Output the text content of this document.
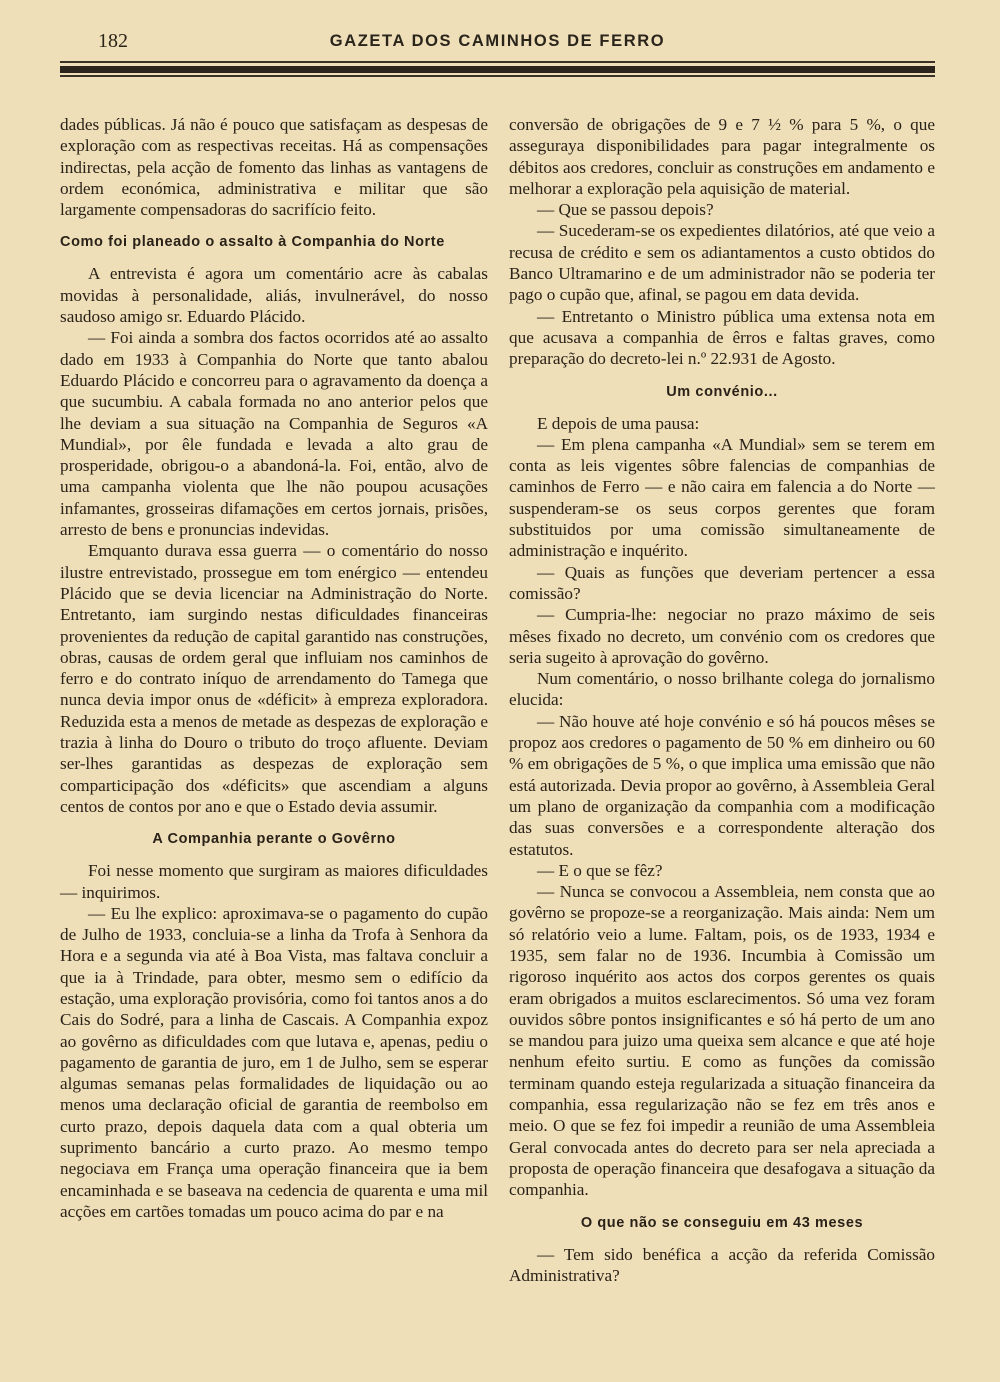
182	GAZETA DOS CAMINHOS DE FERRO

dades públicas. Já não é pouco que satisfaçam as despesas de exploração com as respectivas receitas. Há as compensações indirectas, pela acção de fomento das linhas as vantagens de ordem económica, administrativa e militar que são largamente compensadoras do sacrifício feito.

Como foi planeado o assalto à Companhia do Norte

A entrevista é agora um comentário acre às cabalas movidas à personalidade, aliás, invulnerável, do nosso saudoso amigo sr. Eduardo Plácido.

— Foi ainda a sombra dos factos ocorridos até ao assalto dado em 1933 à Companhia do Norte que tanto abalou Eduardo Plácido e concorreu para o agravamento da doença a que sucumbiu. A cabala formada no ano anterior pelos que lhe deviam a sua situação na Companhia de Seguros «A Mundial», por êle fundada e levada a alto grau de prosperidade, obrigou-o a abandoná-la. Foi, então, alvo de uma campanha violenta que lhe não poupou acusações infamantes, grosseiras difamações em certos jornais, prisões, arresto de bens e pronuncias indevidas.

Emquanto durava essa guerra — o comentário do nosso ilustre entrevistado, prossegue em tom enérgico — entendeu Plácido que se devia licenciar na Administração do Norte. Entretanto, iam surgindo nestas dificuldades financeiras provenientes da redução de capital garantido nas construções, obras, causas de ordem geral que influiam nos caminhos de ferro e do contrato iníquo de arrendamento do Tamega que nunca devia impor onus de «déficit» à empreza exploradora. Reduzida esta a menos de metade as despezas de exploração e trazia à linha do Douro o tributo do troço afluente. Deviam ser-lhes garantidas as despezas de exploração sem comparticipação dos «déficits» que ascendiam a alguns centos de contos por ano e que o Estado devia assumir.

A Companhia perante o Govêrno

Foi nesse momento que surgiram as maiores dificuldades — inquirimos.

— Eu lhe explico: aproximava-se o pagamento do cupão de Julho de 1933, concluia-se a linha da Trofa à Senhora da Hora e a segunda via até à Boa Vista, mas faltava concluir a que ia à Trindade, para obter, mesmo sem o edifício da estação, uma exploração provisória, como foi tantos anos a do Cais do Sodré, para a linha de Cascais. A Companhia expoz ao govêrno as dificuldades com que lutava e, apenas, pediu o pagamento de garantia de juro, em 1 de Julho, sem se esperar algumas semanas pelas formalidades de liquidação ou ao menos uma declaração oficial de garantia de reembolso em curto prazo, depois daquela data com a qual obteria um suprimento bancário a curto prazo. Ao mesmo tempo negociava em França uma operação financeira que ia bem encaminhada e se baseava na cedencia de quarenta e uma mil acções em cartões tomadas um pouco acima do par e na

conversão de obrigações de 9 e 7 ½ % para 5 %, o que asseguraya disponibilidades para pagar integralmente os débitos aos credores, concluir as construções em andamento e melhorar a exploração pela aquisição de material.

— Que se passou depois?

— Sucederam-se os expedientes dilatórios, até que veio a recusa de crédito e sem os adiantamentos a custo obtidos do Banco Ultramarino e de um administrador não se poderia ter pago o cupão que, afinal, se pagou em data devida.

— Entretanto o Ministro pública uma extensa nota em que acusava a companhia de êrros e faltas graves, como preparação do decreto-lei n.º 22.931 de Agosto.

Um convénio...

E depois de uma pausa:

— Em plena campanha «A Mundial» sem se terem em conta as leis vigentes sôbre falencias de companhias de caminhos de Ferro — e não caira em falencia a do Norte — suspenderam-se os seus corpos gerentes que foram substituidos por uma comissão simultaneamente de administração e inquérito.

— Quais as funções que deveriam pertencer a essa comissão?

— Cumpria-lhe: negociar no prazo máximo de seis mêses fixado no decreto, um convénio com os credores que seria sugeito à aprovação do govêrno.

Num comentário, o nosso brilhante colega do jornalismo elucida:

— Não houve até hoje convénio e só há poucos mêses se propoz aos credores o pagamento de 50 % em dinheiro ou 60 % em obrigações de 5 %, o que implica uma emissão que não está autorizada. Devia propor ao govêrno, à Assembleia Geral um plano de organização da companhia com a modificação das suas conversões e a correspondente alteração dos estatutos.

— E o que se fêz?

— Nunca se convocou a Assembleia, nem consta que ao govêrno se propoze-se a reorganização. Mais ainda: Nem um só relatório veio a lume. Faltam, pois, os de 1933, 1934 e 1935, sem falar no de 1936. Incumbia à Comissão um rigoroso inquérito aos actos dos corpos gerentes os quais eram obrigados a muitos esclarecimentos. Só uma vez foram ouvidos sôbre pontos insignificantes e só há perto de um ano se mandou para juizo uma queixa sem alcance e que até hoje nenhum efeito surtiu. E como as funções da comissão terminam quando esteja regularizada a situação financeira da companhia, essa regularização não se fez em três anos e meio. O que se fez foi impedir a reunião de uma Assembleia Geral convocada antes do decreto para ser nela apreciada a proposta de operação financeira que desafogava a situação da companhia.

O que não se conseguiu em 43 meses

— Tem sido benéfica a acção da referida Comissão Administrativa?
